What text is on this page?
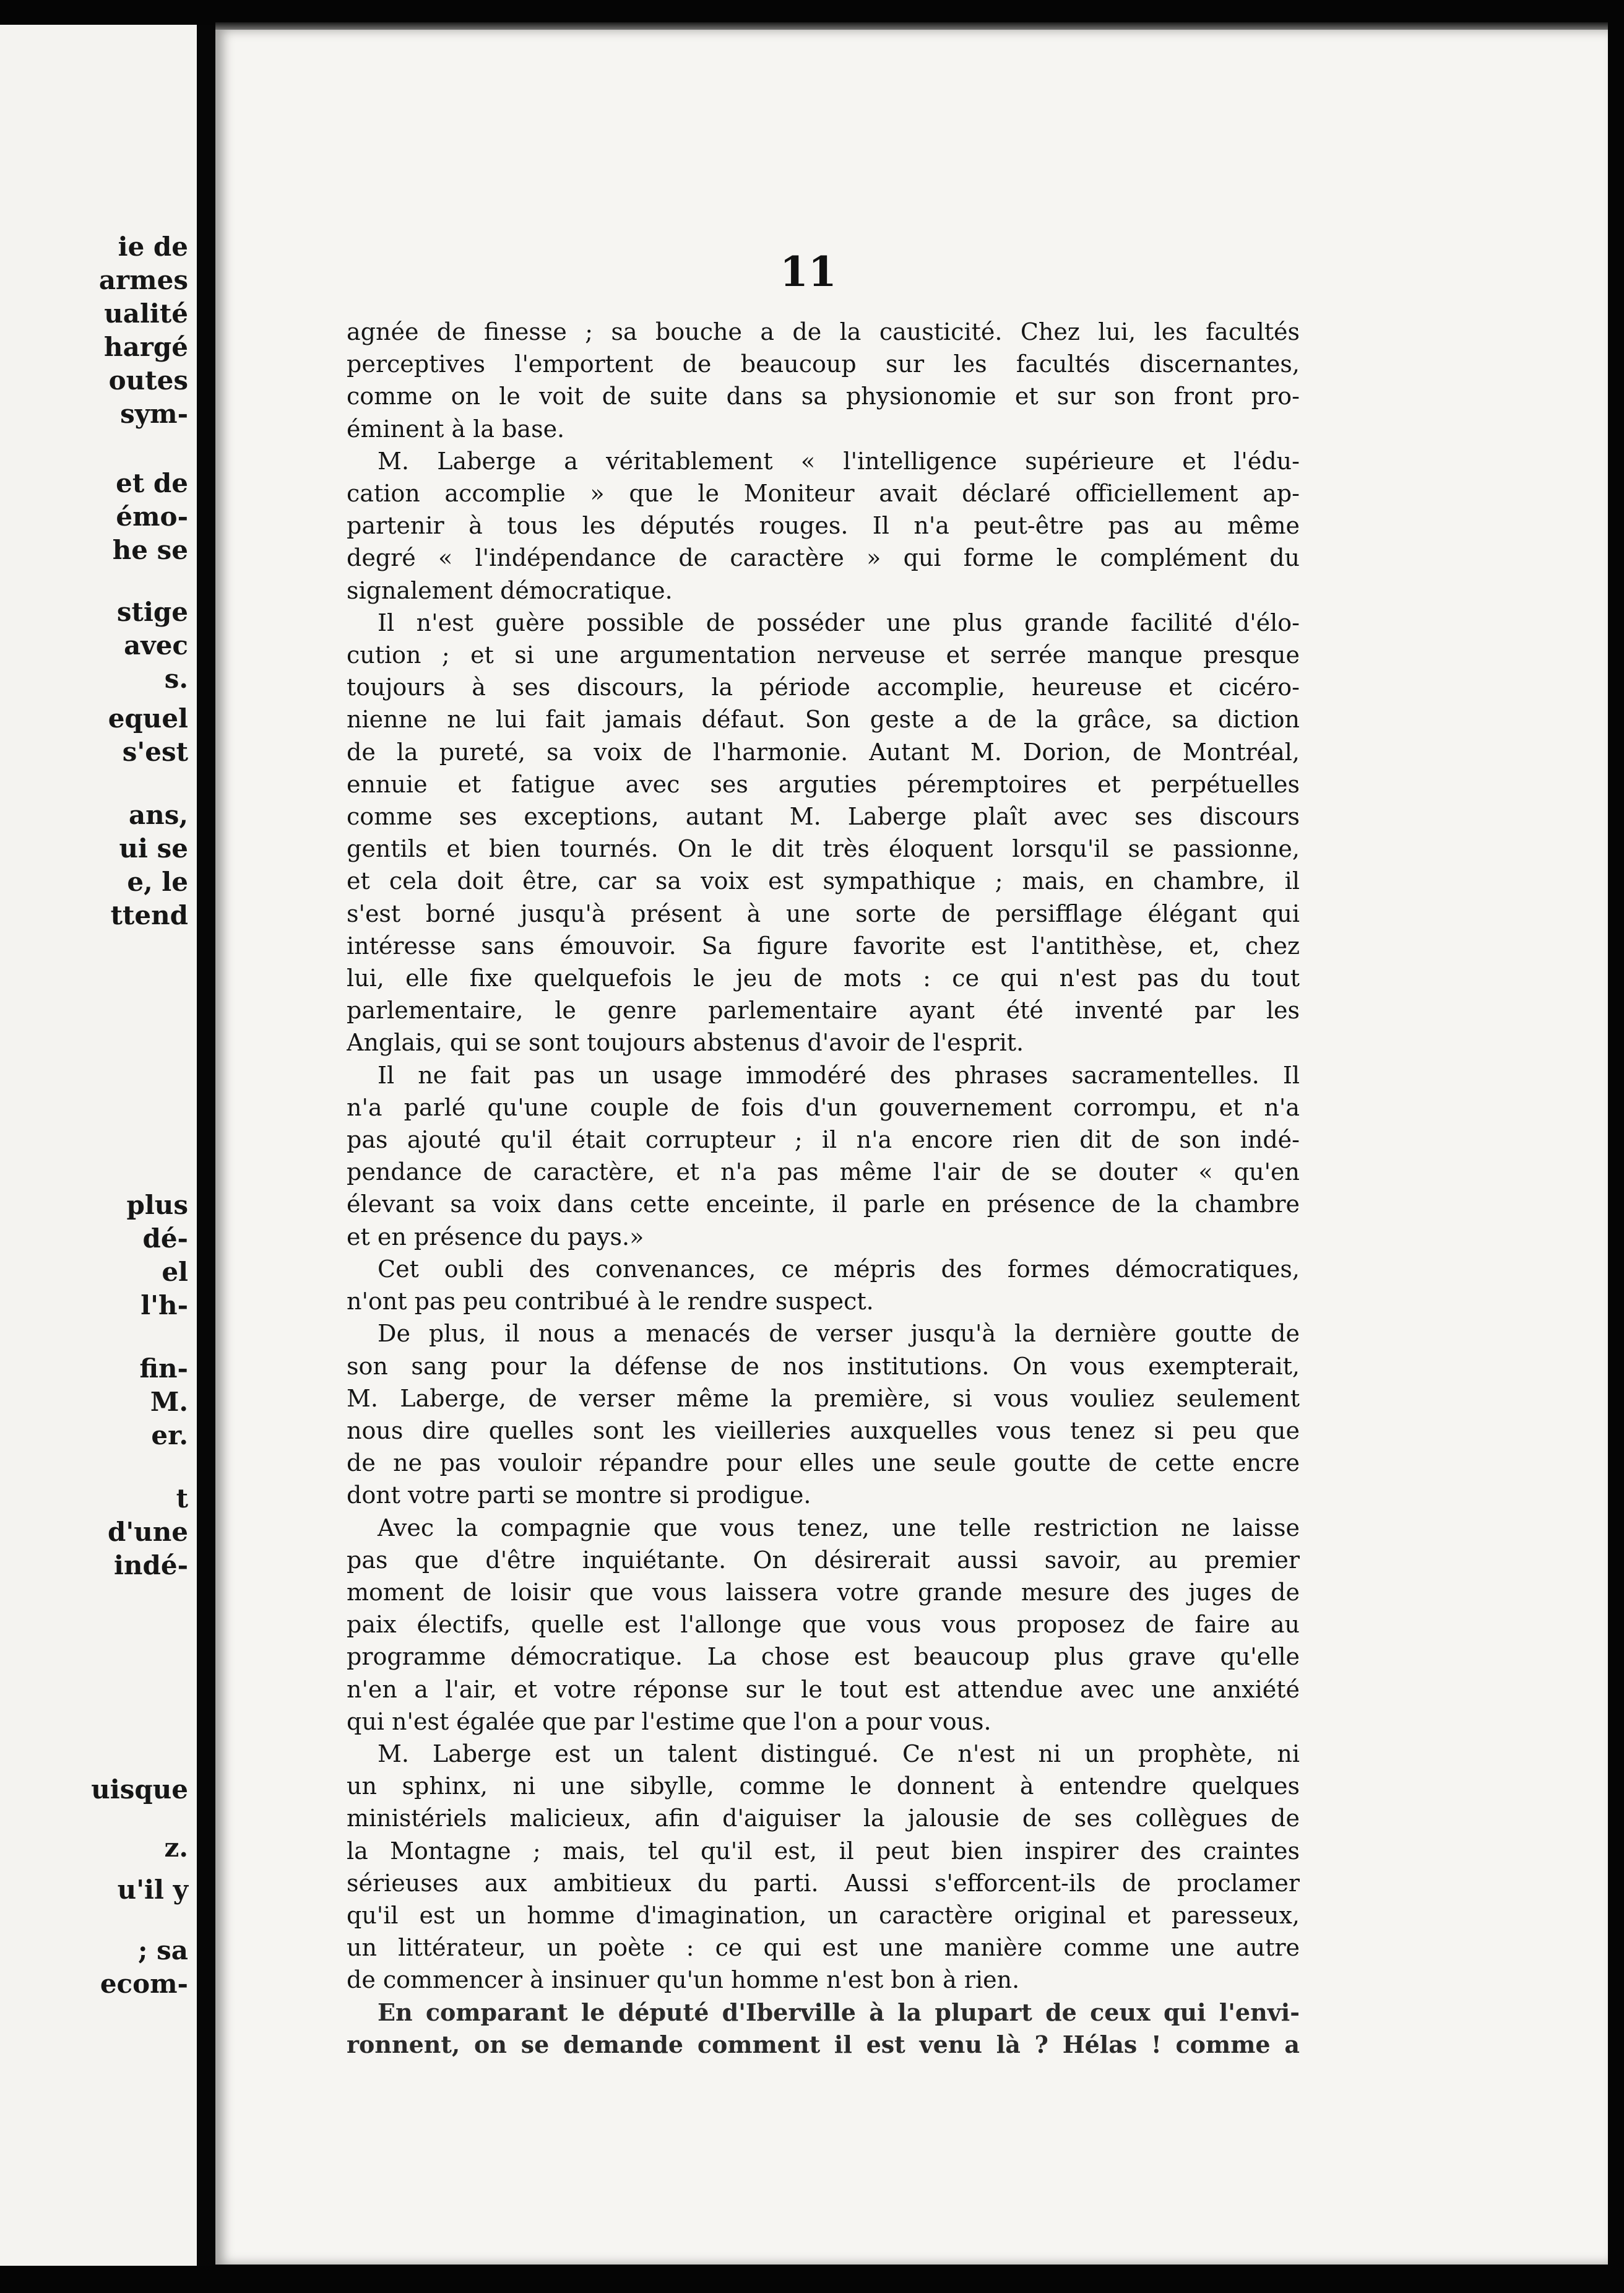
ie de
armes
ualité
hargé
outes
sym-
et de
émo-
he se
stige
avec
s.
equel
s'est
ans,
ui se
e, le
ttend
plus
dé-
el
l'h-
fin-
M.
er.
t
d'une
indé-
uisque
z.
u'il y
; sa
ecom-
11
agnée de finesse ; sa bouche a de la causticité. Chez lui, les facultés
perceptives l'emportent de beaucoup sur les facultés discernantes,
comme on le voit de suite dans sa physionomie et sur son front pro-
éminent à la base.
M. Laberge a véritablement « l'intelligence supérieure et l'édu-
cation accomplie » que le Moniteur avait déclaré officiellement ap-
partenir à tous les députés rouges. Il n'a peut-être pas au même
degré « l'indépendance de caractère » qui forme le complément du
signalement démocratique.
Il n'est guère possible de posséder une plus grande facilité d'élo-
cution ; et si une argumentation nerveuse et serrée manque presque
toujours à ses discours, la période accomplie, heureuse et cicéro-
nienne ne lui fait jamais défaut. Son geste a de la grâce, sa diction
de la pureté, sa voix de l'harmonie. Autant M. Dorion, de Montréal,
ennuie et fatigue avec ses arguties péremptoires et perpétuelles
comme ses exceptions, autant M. Laberge plaît avec ses discours
gentils et bien tournés. On le dit très éloquent lorsqu'il se passionne,
et cela doit être, car sa voix est sympathique ; mais, en chambre, il
s'est borné jusqu'à présent à une sorte de persifflage élégant qui
intéresse sans émouvoir. Sa figure favorite est l'antithèse, et, chez
lui, elle fixe quelquefois le jeu de mots : ce qui n'est pas du tout
parlementaire, le genre parlementaire ayant été inventé par les
Anglais, qui se sont toujours abstenus d'avoir de l'esprit.
Il ne fait pas un usage immodéré des phrases sacramentelles. Il
n'a parlé qu'une couple de fois d'un gouvernement corrompu, et n'a
pas ajouté qu'il était corrupteur ; il n'a encore rien dit de son indé-
pendance de caractère, et n'a pas même l'air de se douter « qu'en
élevant sa voix dans cette enceinte, il parle en présence de la chambre
et en présence du pays.»
Cet oubli des convenances, ce mépris des formes démocratiques,
n'ont pas peu contribué à le rendre suspect.
De plus, il nous a menacés de verser jusqu'à la dernière goutte de
son sang pour la défense de nos institutions. On vous exempterait,
M. Laberge, de verser même la première, si vous vouliez seulement
nous dire quelles sont les vieilleries auxquelles vous tenez si peu que
de ne pas vouloir répandre pour elles une seule goutte de cette encre
dont votre parti se montre si prodigue.
Avec la compagnie que vous tenez, une telle restriction ne laisse
pas que d'être inquiétante. On désirerait aussi savoir, au premier
moment de loisir que vous laissera votre grande mesure des juges de
paix électifs, quelle est l'allonge que vous vous proposez de faire au
programme démocratique. La chose est beaucoup plus grave qu'elle
n'en a l'air, et votre réponse sur le tout est attendue avec une anxiété
qui n'est égalée que par l'estime que l'on a pour vous.
M. Laberge est un talent distingué. Ce n'est ni un prophète, ni
un sphinx, ni une sibylle, comme le donnent à entendre quelques
ministériels malicieux, afin d'aiguiser la jalousie de ses collègues de
la Montagne ; mais, tel qu'il est, il peut bien inspirer des craintes
sérieuses aux ambitieux du parti. Aussi s'efforcent-ils de proclamer
qu'il est un homme d'imagination, un caractère original et paresseux,
un littérateur, un poète : ce qui est une manière comme une autre
de commencer à insinuer qu'un homme n'est bon à rien.
En comparant le député d'Iberville à la plupart de ceux qui l'envi-
ronnent, on se demande comment il est venu là ? Hélas ! comme a
